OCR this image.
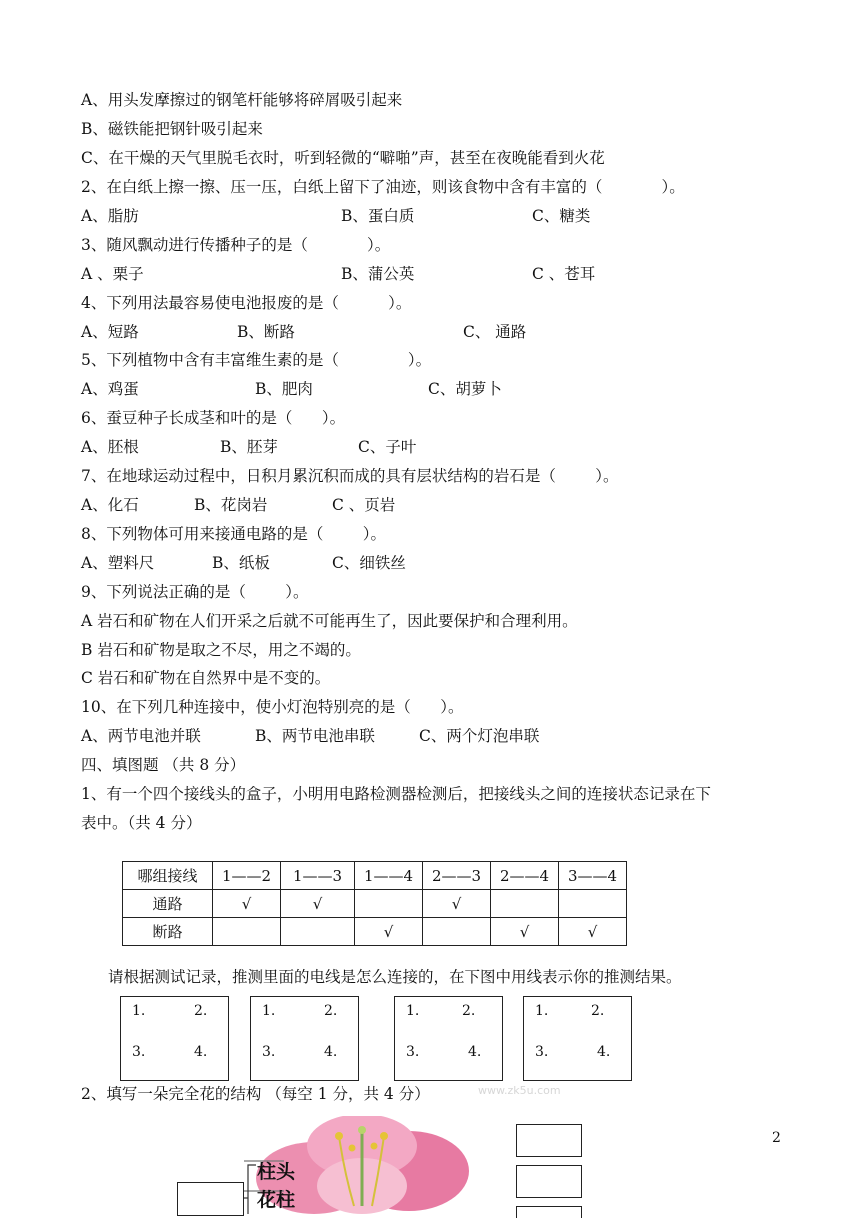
A、用头发摩擦过的钢笔杆能够将碎屑吸引起来
B、磁铁能把钢针吸引起来
C、在干燥的天气里脱毛衣时，听到轻微的“噼啪”声，甚至在夜晚能看到火花
2、在白纸上擦一擦、压一压，白纸上留下了油迹，则该食物中含有丰富的（            ）。
A、脂肪	B、蛋白质	C、糖类
3、随风飘动进行传播种子的是（            ）。
A 、栗子	B、蒲公英	C 、苍耳
4、下列用法最容易使电池报废的是（          ）。
A、短路	B、断路	C、 通路
5、下列植物中含有丰富维生素的是（              ）。
A、鸡蛋	B、肥肉	C、胡萝卜
6、蚕豆种子长成茎和叶的是（      ）。
A、胚根	B、胚芽	C、子叶
7、在地球运动过程中，日积月累沉积而成的具有层状结构的岩石是（        ）。
A、化石	B、花岗岩	C 、页岩
8、下列物体可用来接通电路的是（        ）。
A、塑料尺	B、纸板	C、细铁丝
9、下列说法正确的是（        ）。
A 岩石和矿物在人们开采之后就不可能再生了，因此要保护和合理利用。
B 岩石和矿物是取之不尽，用之不竭的。
C 岩石和矿物在自然界中是不变的。
10、在下列几种连接中，使小灯泡特别亮的是（      ）。
A、两节电池并联	B、两节电池串联	C、两个灯泡串联
四、填图题 （共 8 分）
1、有一个四个接线头的盒子，小明用电路检测器检测后，把接线头之间的连接状态记录在下
表中。（共 4 分）
哪组接线	1——2	1——3	1——4	2——3	2——4	3——4
通路	√	√		√		
断路			√		√	√
请根据测试记录，推测里面的电线是怎么连接的，在下图中用线表示你的推测结果。
1.	2.
3.	4.
1.	2.
3.	4.
1.	2.
3.	4.
1.	2.
3.	4.
www.zk5u.com
2、填写一朵完全花的结构 （每空 1 分，共 4 分）
柱头
花柱
2
